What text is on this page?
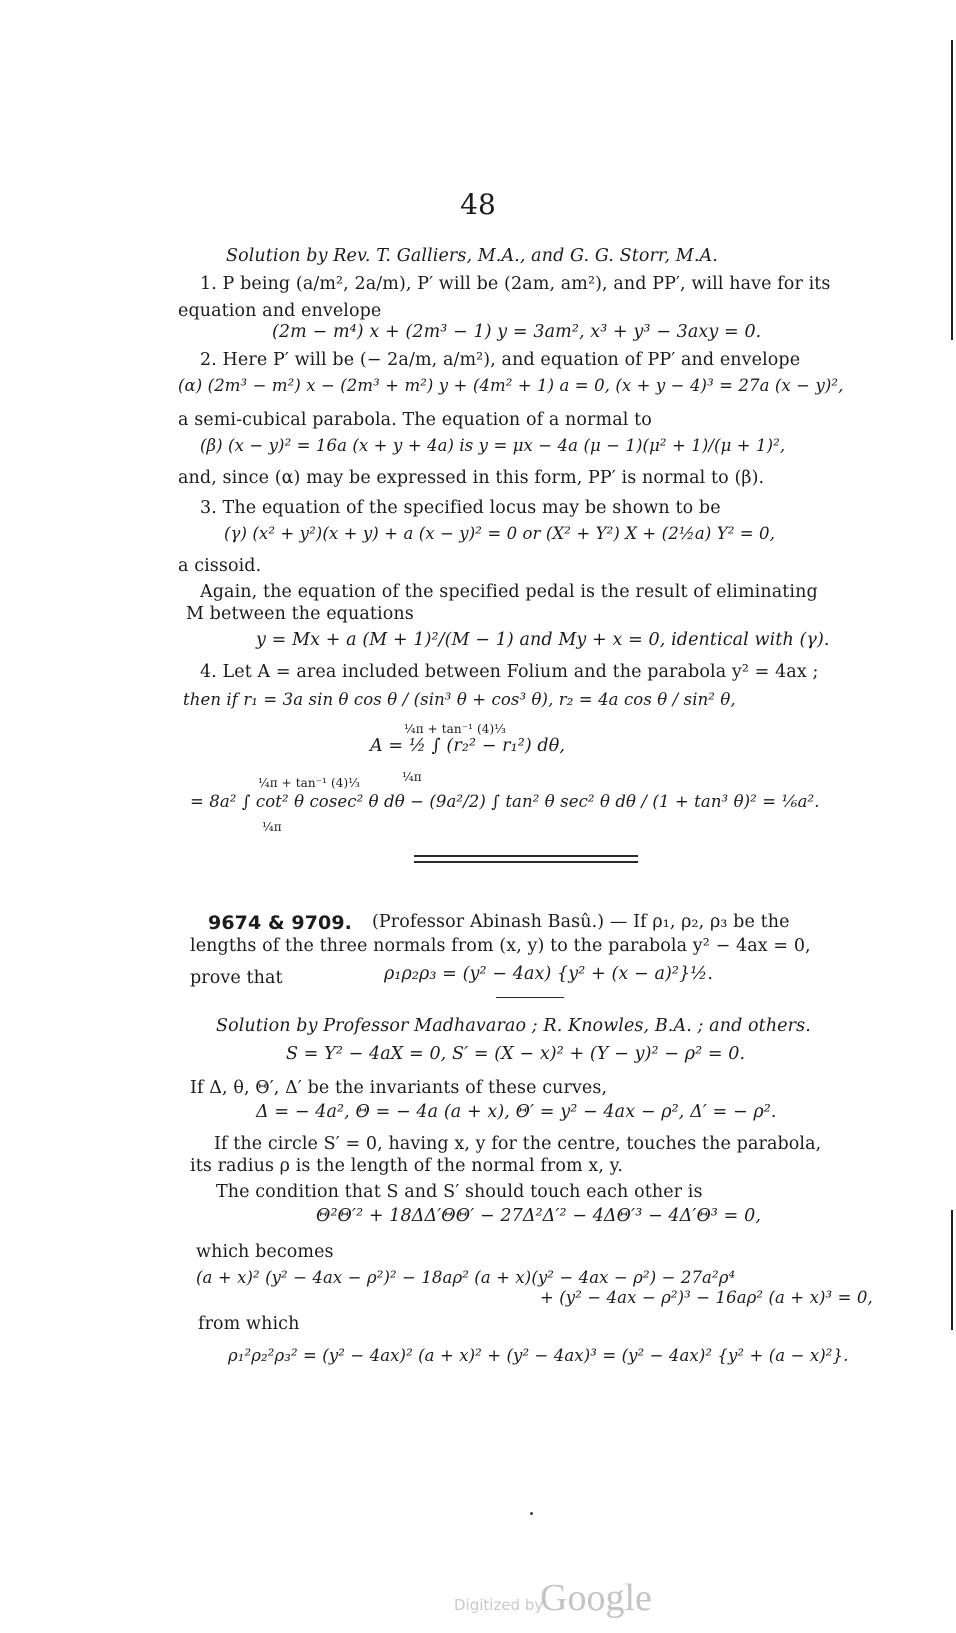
48
Solution by Rev. T. Galliers, M.A., and G. G. Storr, M.A.
1. P being (a/m², 2a/m), P′ will be (2am, am²), and PP′, will have for its
equation and envelope
(2m − m⁴) x + (2m³ − 1) y = 3am², x³ + y³ − 3axy = 0.
2. Here P′ will be (− 2a/m, a/m²), and equation of PP′ and envelope
(α) (2m³ − m²) x − (2m³ + m²) y + (4m² + 1) a = 0, (x + y − 4)³ = 27a (x − y)²,
a semi-cubical parabola. The equation of a normal to
(β) (x − y)² = 16a (x + y + 4a) is y = μx − 4a (μ − 1)(μ² + 1)/(μ + 1)²,
and, since (α) may be expressed in this form, PP′ is normal to (β).
3. The equation of the specified locus may be shown to be
(γ) (x² + y²)(x + y) + a (x − y)² = 0 or (X² + Y²) X + (2½a) Y² = 0,
a cissoid.
Again, the equation of the specified pedal is the result of eliminating
M between the equations
y = Mx + a (M + 1)²/(M − 1) and My + x = 0, identical with (γ).
4. Let A = area included between Folium and the parabola y² = 4ax ;
then if r₁ = 3a sin θ cos θ / (sin³ θ + cos³ θ), r₂ = 4a cos θ / sin² θ,
¼π + tan⁻¹ (4)⅓
A = ½ ∫ (r₂² − r₁²) dθ,
¼π
¼π + tan⁻¹ (4)⅓
= 8a² ∫ cot² θ cosec² θ dθ − (9a²/2) ∫ tan² θ sec² θ dθ / (1 + tan³ θ)² = ⅙a².
¼π
9674 & 9709. (Professor Abinash Basû.) — If ρ₁, ρ₂, ρ₃ be the
lengths of the three normals from (x, y) to the parabola y² − 4ax = 0,
prove that	ρ₁ρ₂ρ₃ = (y² − 4ax) {y² + (x − a)²}½.
Solution by Professor Madhavarao ; R. Knowles, B.A. ; and others.
S = Y² − 4aX = 0, S′ = (X − x)² + (Y − y)² − ρ² = 0.
If Δ, θ, Θ′, Δ′ be the invariants of these curves,
Δ = − 4a², Θ = − 4a (a + x), Θ′ = y² − 4ax − ρ², Δ′ = − ρ².
If the circle S′ = 0, having x, y for the centre, touches the parabola,
its radius ρ is the length of the normal from x, y.
The condition that S and S′ should touch each other is
Θ²Θ′² + 18ΔΔ′ΘΘ′ − 27Δ²Δ′² − 4ΔΘ′³ − 4Δ′Θ³ = 0,
which becomes
(a + x)² (y² − 4ax − ρ²)² − 18aρ² (a + x)(y² − 4ax − ρ²) − 27a²ρ⁴
+ (y² − 4ax − ρ²)³ − 16aρ² (a + x)³ = 0,
from which
ρ₁²ρ₂²ρ₃² = (y² − 4ax)² (a + x)² + (y² − 4ax)³ = (y² − 4ax)² {y² + (a − x)²}.
Digitized by
Google
